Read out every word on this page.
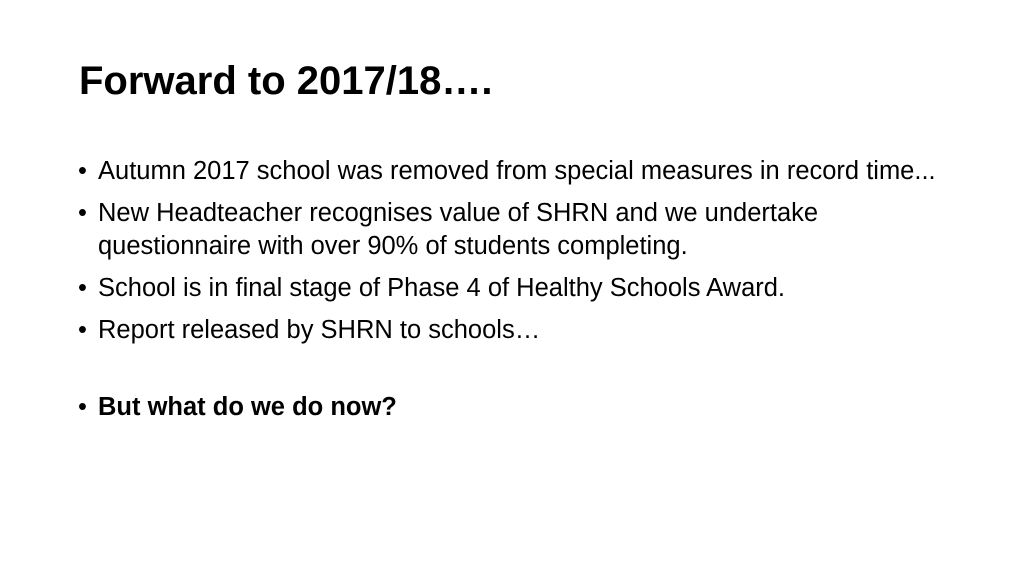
Forward to 2017/18….
• Autumn 2017 school was removed from special measures in record time...
• New Headteacher recognises value of SHRN and we undertake questionnaire with over 90% of students completing.
• School is in final stage of Phase 4 of Healthy Schools Award.
• Report released by SHRN to schools…
• But what do we do now?
